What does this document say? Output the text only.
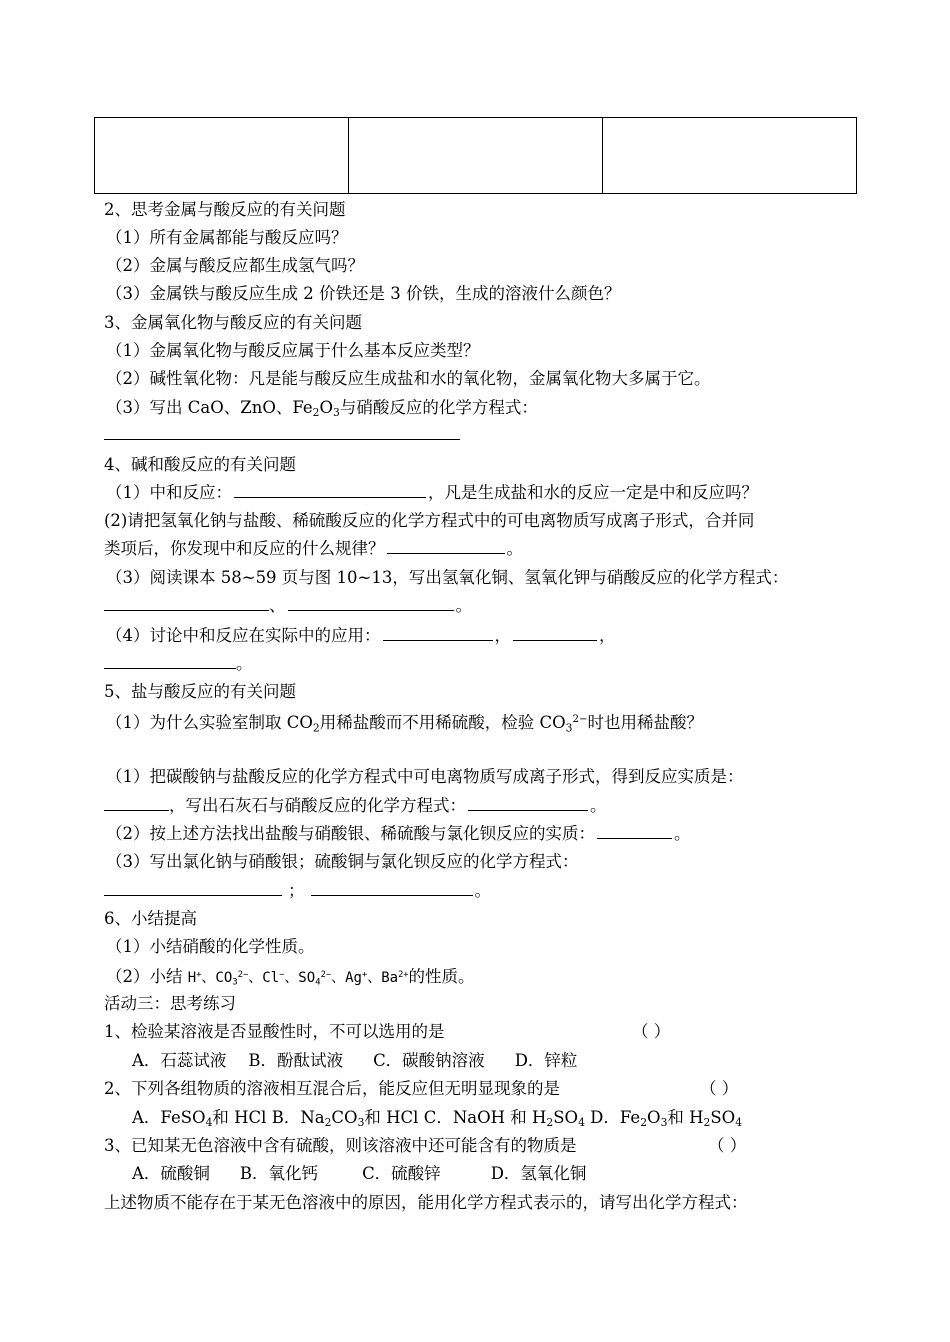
2、思考金属与酸反应的有关问题
（1）所有金属都能与酸反应吗？
（2）金属与酸反应都生成氢气吗？
（3）金属铁与酸反应生成 2 价铁还是 3 价铁，生成的溶液什么颜色？
3、金属氧化物与酸反应的有关问题
（1）金属氧化物与酸反应属于什么基本反应类型？
（2）碱性氧化物：凡是能与酸反应生成盐和水的氧化物，金属氧化物大多属于它。
（3）写出 CaO、ZnO、$Fe_2O_3$与硝酸反应的化学方程式：
4、碱和酸反应的有关问题
（1）中和反应：	，凡是生成盐和水的反应一定是中和反应吗？
(2)请把氢氧化钠与盐酸、稀硫酸反应的化学方程式中的可电离物质写成离子形式，合并同
类项后，你发现中和反应的什么规律？	。
（3）阅读课本 58~59 页与图 10~13，写出氢氧化铜、氢氧化钾与硝酸反应的化学方程式：
、	。
（4）讨论中和反应在实际中的应用：	，	，
。
5、盐与酸反应的有关问题
（1）为什么实验室制取 $CO_2$用稀盐酸而不用稀硫酸，检验 $CO_3^{2-}$时也用稀盐酸？
（1）把碳酸钠与盐酸反应的化学方程式中可电离物质写成离子形式，得到反应实质是：
，写出石灰石与硝酸反应的化学方程式：	。
（2）按上述方法找出盐酸与硝酸银、稀硫酸与氯化钡反应的实质：	。
（3）写出氯化钠与硝酸银；硫酸铜与氯化钡反应的化学方程式：
；	。
6、小结提高
（1）小结硝酸的化学性质。
（2）小结 H+、$CO_3^{2-}$、Cl−、$SO_4^{2-}$、Ag+、$Ba^{2+}$的性质。
活动三：思考练习
1、检验某溶液是否显酸性时，不可以选用的是	（ ）
A．石蕊试液 B．酚酞试液 C．碳酸钠溶液 D．锌粒
2、下列各组物质的溶液相互混合后，能反应但无明显现象的是	（ ）
A．FeSO$_4$和 HCl B．$Na_2CO_3$和 HCl C．NaOH 和 $H_2SO_4$ D．$Fe_2O_3$和 $H_2SO_4$
3、已知某无色溶液中含有硫酸，则该溶液中还可能含有的物质是	（ ）
A．硫酸铜 B．氧化钙	C．硫酸锌	D．氢氧化铜
上述物质不能存在于某无色溶液中的原因，能用化学方程式表示的，请写出化学方程式：
